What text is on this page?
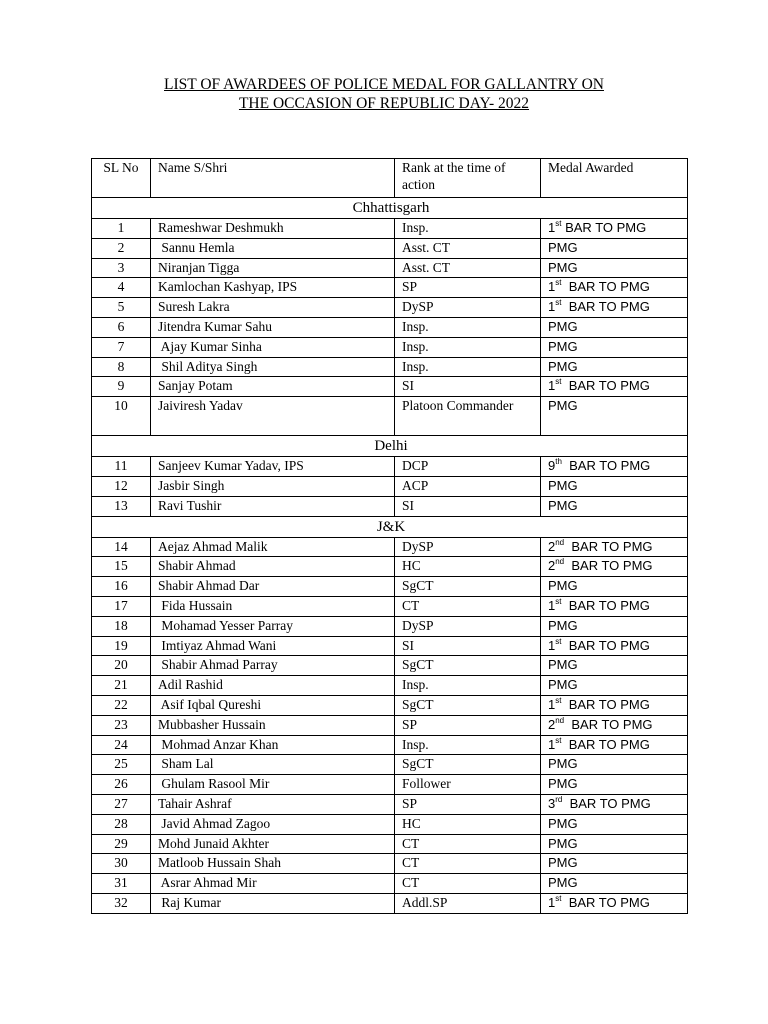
LIST OF AWARDEES OF POLICE MEDAL FOR GALLANTRY ON
THE OCCASION OF REPUBLIC DAY- 2022
SL No	Name S/Shri	Rank at the time of action	Medal Awarded
Chhattisgarh			
1	Rameshwar Deshmukh	Insp.	1st BAR TO PMG
2	Sannu Hemla	Asst. CT	PMG
3	Niranjan Tigga	Asst. CT	PMG
4	Kamlochan Kashyap, IPS	SP	1st  BAR TO PMG
5	Suresh Lakra	DySP	1st  BAR TO PMG
6	Jitendra Kumar Sahu	Insp.	PMG
7	Ajay Kumar Sinha	Insp.	PMG
8	Shil Aditya Singh	Insp.	PMG
9	Sanjay Potam	SI	1st  BAR TO PMG
10	Jaiviresh Yadav	Platoon Commander	PMG
Delhi			
11	Sanjeev Kumar Yadav, IPS	DCP	9th  BAR TO PMG
12	Jasbir Singh	ACP	PMG
13	Ravi Tushir	SI	PMG
J&K			
14	Aejaz Ahmad Malik	DySP	2nd  BAR TO PMG
15	Shabir Ahmad	HC	2nd  BAR TO PMG
16	Shabir Ahmad Dar	SgCT	PMG
17	Fida Hussain	CT	1st  BAR TO PMG
18	Mohamad Yesser Parray	DySP	PMG
19	Imtiyaz Ahmad Wani	SI	1st  BAR TO PMG
20	Shabir Ahmad Parray	SgCT	PMG
21	Adil Rashid	Insp.	PMG
22	Asif Iqbal Qureshi	SgCT	1st  BAR TO PMG
23	Mubbasher Hussain	SP	2nd  BAR TO PMG
24	Mohmad Anzar Khan	Insp.	1st  BAR TO PMG
25	Sham Lal	SgCT	PMG
26	Ghulam Rasool Mir	Follower	PMG
27	Tahair Ashraf	SP	3rd  BAR TO PMG
28	Javid Ahmad Zagoo	HC	PMG
29	Mohd Junaid Akhter	CT	PMG
30	Matloob Hussain Shah	CT	PMG
31	Asrar Ahmad Mir	CT	PMG
32	Raj Kumar	Addl.SP	1st  BAR TO PMG
